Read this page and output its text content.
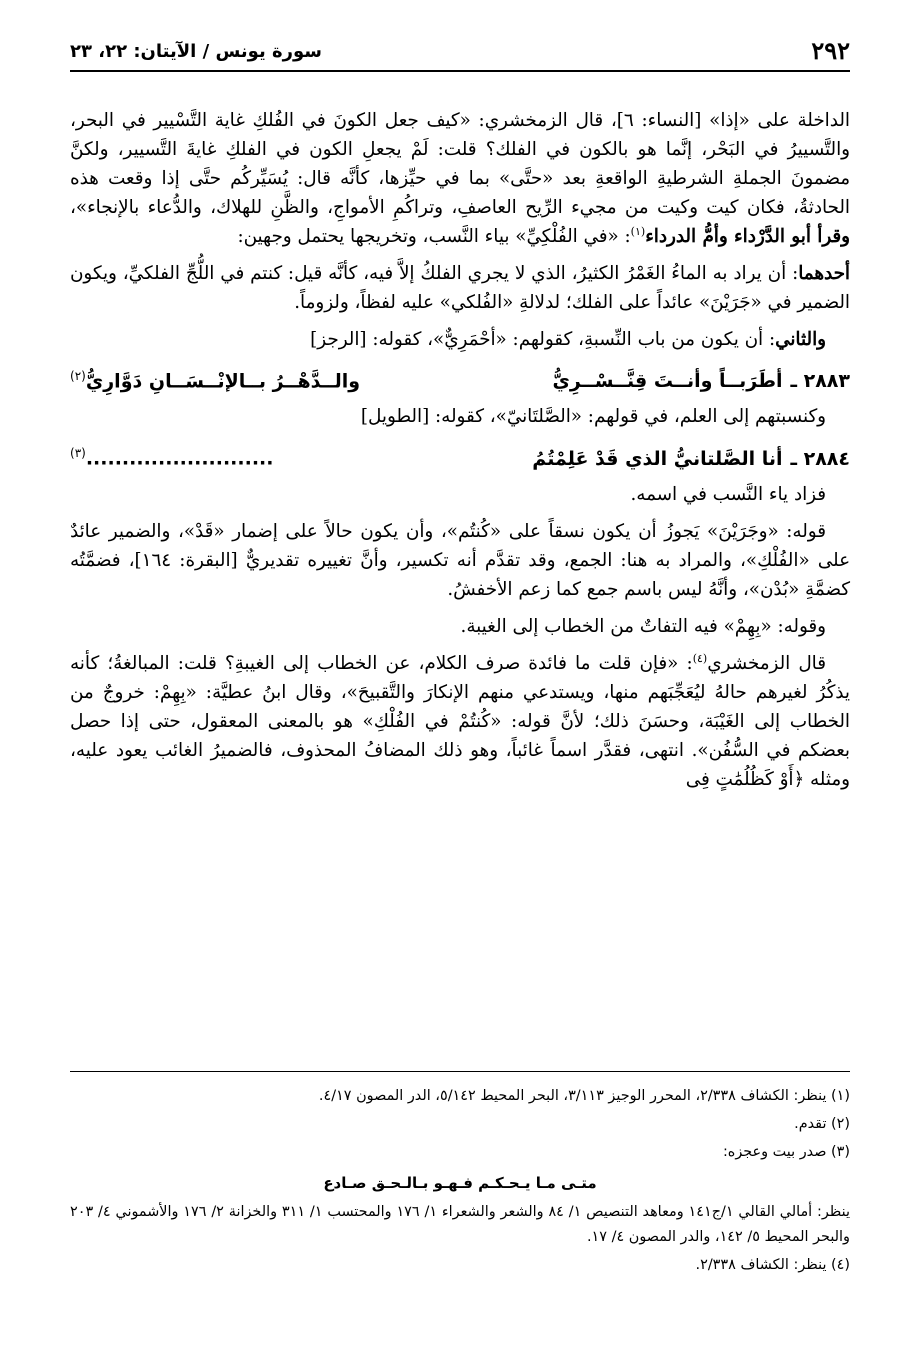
٢٩٢
سورة يونس / الآيتان: ٢٢، ٢٣

الداخلة على «إذا» [النساء: ٦]، قال الزمخشري: «كيف جعل الكونَ في الفُلكِ غاية التَّسْيير في البحر، والتَّسييرُ في البَحْر، إنَّما هو بالكون في الفلك؟ قلت: لَمْ يجعلِ الكون في الفلكِ غايةَ التَّسيير، ولكنَّ مضمونَ الجملةِ الشرطيةِ الواقعةِ بعد «حتَّى» بما في حيِّزها، كأنَّه قال: يُسَيِّركُم حتَّى إذا وقعت هذه الحادثةُ، فكان كيت وكيت من مجيء الرِّيح العاصفِ، وتراكُمِ الأمواجِ، والظَّنِ للهلاك، والدُّعاء بالإنجاء»، وقرأ أبو الدَّرْداء وأمُّ الدرداء$^{(١)}$: «في الفُلْكِيِّ» بياء النَّسب، وتخريجها يحتمل وجهين:

أحدهما: أن يراد به الماءُ الغَمْرُ الكثيرُ، الذي لا يجري الفلكُ إلاَّ فيه، كأنَّه قيل: كنتم في اللُّجِّ الفلكيِّ، ويكون الضمير في «جَرَيْنَ» عائداً على الفلك؛ لدلالةِ «الفُلكي» عليه لفظاً، ولزوماً.

والثاني: أن يكون من باب النِّسبةِ، كقولهم: «أحْمَرِيٌّ»، كقوله: [الرجز]

٢٨٨٣ ـ
أطَرَبــاً وأنــتَ قِنَّــسْــرِيُّ
والــدَّهْــرُ بــالإنْــسَــانِ دَوَّارِيُّ$^{(٢)}$

وكنسبتهم إلى العلم، في قولهم: «الصَّلتَانيّ»، كقوله: [الطويل]

٢٨٨٤ ـ
أنا الصَّلتانيُّ الذي قَدْ عَلِمْتُمُ
..........................$^{(٣)}$

فزاد ياء النَّسب في اسمه.

قوله: «وجَرَيْنَ» يَجوزُ أن يكون نسقاً على «كُنتُم»، وأن يكون حالاً على إضمار «قَدْ»، والضمير عائدٌ على «الفُلْكِ»، والمراد به هنا: الجمع، وقد تقدَّم أنه تكسير، وأنَّ تغييره تقديريٌّ [البقرة: ١٦٤]، فضمَّتُه كضمَّةِ «بُدْن»، وأنَّهُ ليس باسم جمع كما زعم الأخفشُ.

وقوله: «بِهِمْ» فيه التفاتٌ من الخطاب إلى الغيبة.

قال الزمخشري$^{(٤)}$: «فإن قلت ما فائدة صرف الكلام، عن الخطاب إلى الغيبةِ؟ قلت: المبالغةُ؛ كأنه يذكُرُ لغيرهم حالهُ ليُعَجِّبَهم منها، ويستدعي منهم الإنكارَ والتَّقبيحَ»، وقال ابنُ عطيَّة: «بِهِمْ: خروجٌ من الخطاب إلى الغَيْبَة، وحسَنَ ذلك؛ لأنَّ قوله: «كُنتُمْ في الفُلْكِ» هو بالمعنى المعقول، حتى إذا حصل بعضكم في السُّفُن». انتهى، فقدَّر اسماً غائباً، وهو ذلك المضافُ المحذوف، فالضميرُ الغائب يعود عليه، ومثله ﴿أَوْ كَظُلُمَٰتٍ فِى

(١) ينظر: الكشاف ٢/٣٣٨، المحرر الوجيز ٣/١١٣، البحر المحيط ٥/١٤٢، الدر المصون ٤/١٧.

(٢) تقدم.

(٣) صدر بيت وعجزه:

متـى مـا يـحـكـم فـهـو بـالـحـق صـادع

ينظر: أمالي القالي ١/ج١٤١ ومعاهد التنصيص ١/ ٨٤ والشعر والشعراء ١/ ١٧٦ والمحتسب ١/ ٣١١ والخزانة ٢/ ١٧٦ والأشموني ٤/ ٢٠٣ والبحر المحيط ٥/ ١٤٢، والدر المصون ٤/ ١٧.

(٤) ينظر: الكشاف ٢/٣٣٨.
